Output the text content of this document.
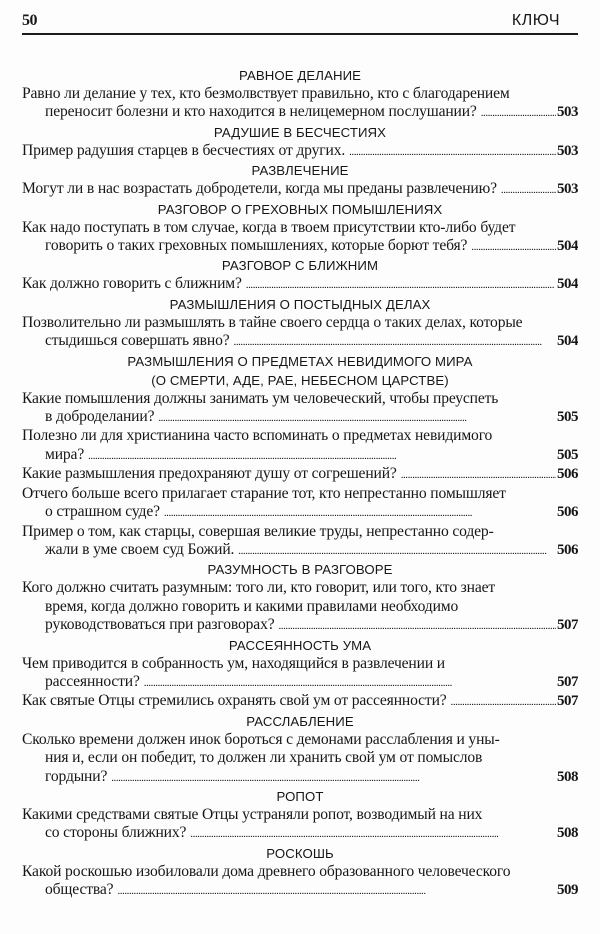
50	КЛЮЧ
РАВНОЕ ДЕЛАНИЕ
Равно ли делание у тех, кто безмолвствует правильно, кто с благодарением
переносит болезни и кто находится в нелицемерном послушании? . . .	503
РАДУШИЕ В БЕСЧЕСТИЯХ
Пример радушия старцев в бесчестиях от других. . . .	503
РАЗВЛЕЧЕНИЕ
Могут ли в нас возрастать добродетели, когда мы преданы развлечению? . . .	503
РАЗГОВОР О ГРЕХОВНЫХ ПОМЫШЛЕНИЯХ
Как надо поступать в том случае, когда в твоем присутствии кто-либо будет
говорить о таких греховных помышлениях, которые борют тебя? . . .	504
РАЗГОВОР С БЛИЖНИМ
Как должно говорить с ближним? . . .	504
РАЗМЫШЛЕНИЯ О ПОСТЫДНЫХ ДЕЛАХ
Позволительно ли размышлять в тайне своего сердца о таких делах, которые
стыдишься совершать явно? . . .	504
РАЗМЫШЛЕНИЯ О ПРЕДМЕТАХ НЕВИДИМОГО МИРА
(О СМЕРТИ, АДЕ, РАЕ, НЕБЕСНОМ ЦАРСТВЕ)
Какие помышления должны занимать ум человеческий, чтобы преуспеть
в доброделании? . . .	505
Полезно ли для христианина часто вспоминать о предметах невидимого
мира? . . .	505
Какие размышления предохраняют душу от согрешений? . . .	506
Отчего больше всего прилагает старание тот, кто непрестанно помышляет
о страшном суде? . . .	506
Пример о том, как старцы, совершая великие труды, непрестанно содер-
жали в уме своем суд Божий. . . .	506
РАЗУМНОСТЬ В РАЗГОВОРЕ
Кого должно считать разумным: того ли, кто говорит, или того, кто знает
время, когда должно говорить и какими правилами необходимо
руководствоваться при разговорах? . . .	507
РАССЕЯННОСТЬ УМА
Чем приводится в собранность ум, находящийся в развлечении и
рассеянности? . . .	507
Как святые Отцы стремились охранять свой ум от рассеянности? . . .	507
РАССЛАБЛЕНИЕ
Сколько времени должен инок бороться с демонами расслабления и уны-
ния и, если он победит, то должен ли хранить свой ум от помыслов
гордыни? . . .	508
РОПОТ
Какими средствами святые Отцы устраняли ропот, возводимый на них
со стороны ближних? . . .	508
РОСКОШЬ
Какой роскошью изобиловали дома древнего образованного человеческого
общества? . . .	509
